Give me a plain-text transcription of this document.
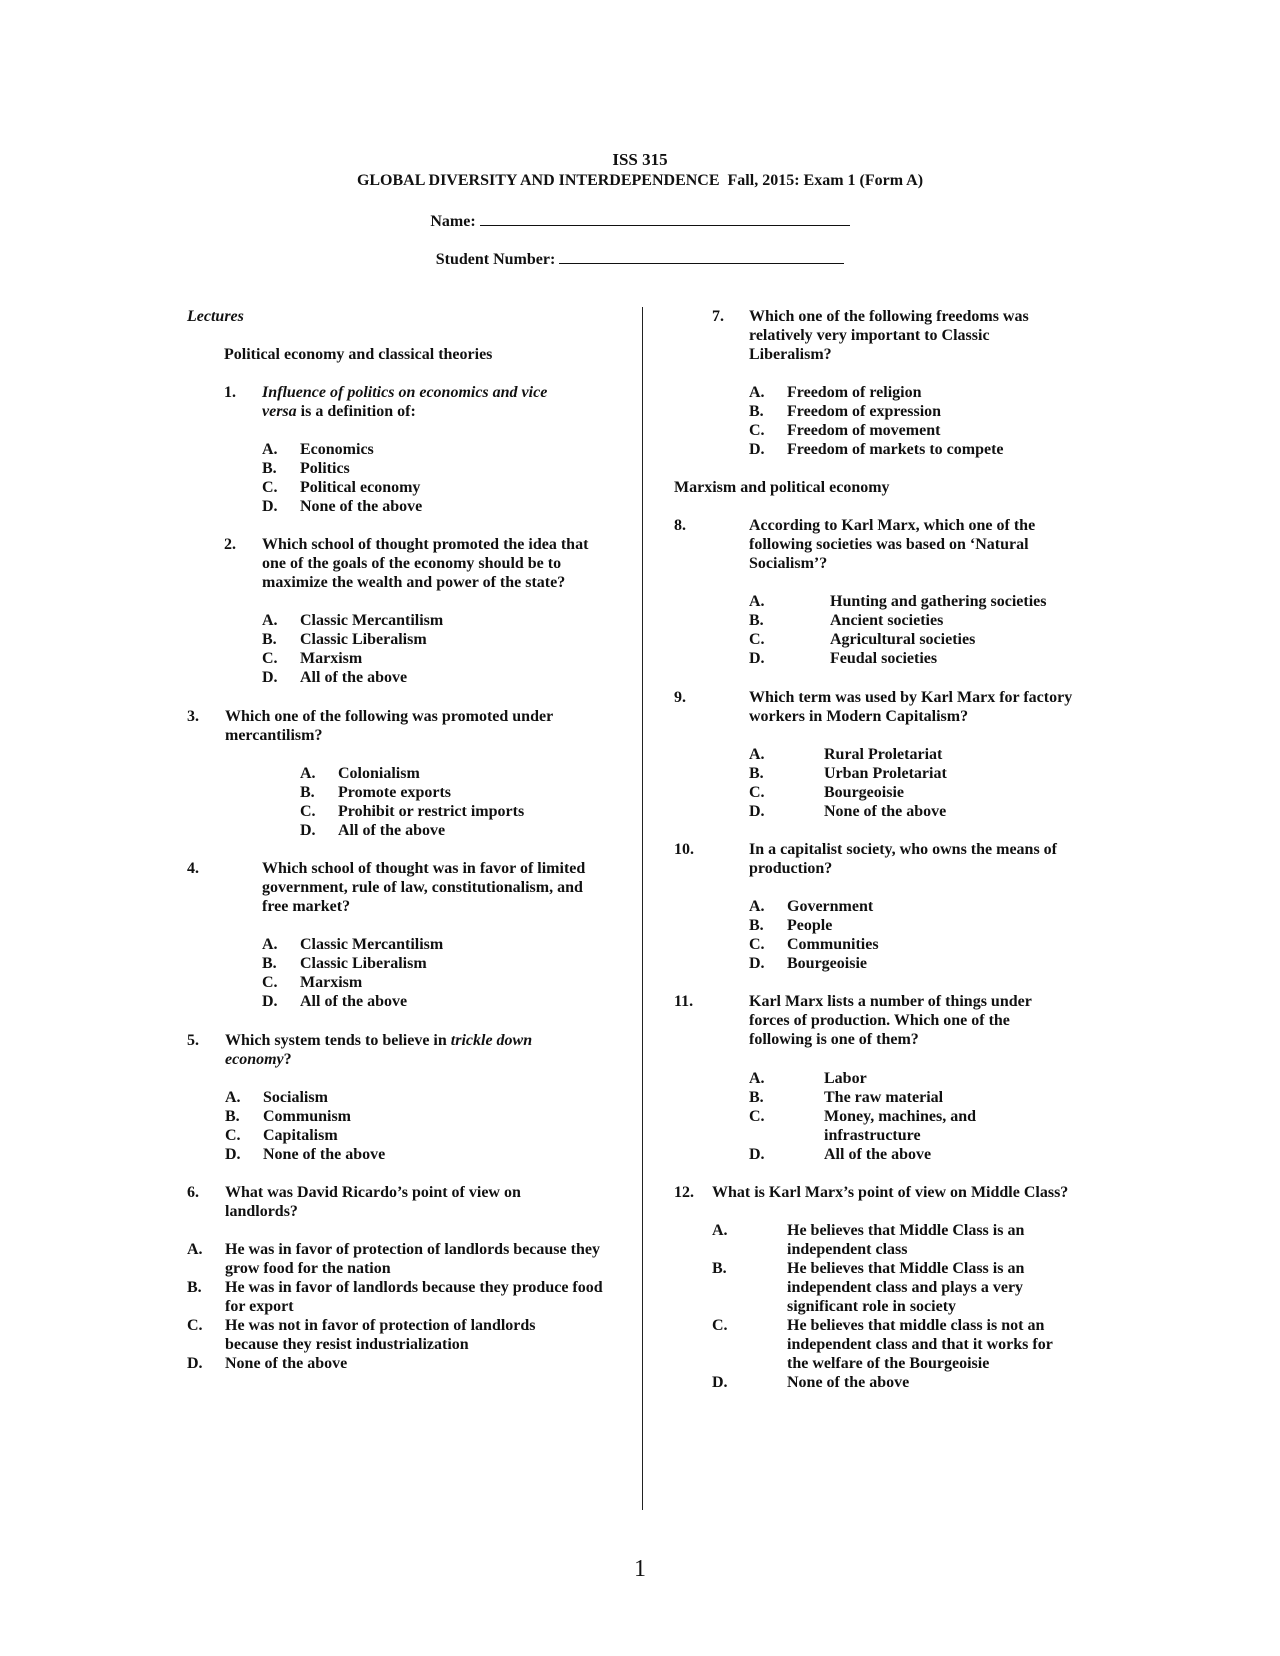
ISS 315
GLOBAL DIVERSITY AND INTERDEPENDENCE  Fall, 2015: Exam 1 (Form A)
Name:
Student Number:
Lectures
Political economy and classical theories
1. Influence of politics on economics and vice versa is a definition of:
A. Economics
B. Politics
C. Political economy
D. None of the above
2. Which school of thought promoted the idea that one of the goals of the economy should be to maximize the wealth and power of the state?
A. Classic Mercantilism
B. Classic Liberalism
C. Marxism
D. All of the above
3. Which one of the following was promoted under mercantilism?
A. Colonialism
B. Promote exports
C. Prohibit or restrict imports
D. All of the above
4.	Which school of thought was in favor of limited government, rule of law, constitutionalism, and free market?
A. Classic Mercantilism
B. Classic Liberalism
C. Marxism
D. All of the above
5. Which system tends to believe in trickle down economy?
A. Socialism
B. Communism
C. Capitalism
D. None of the above
6. What was David Ricardo’s point of view on landlords?
A. He was in favor of protection of landlords because they grow food for the nation
B. He was in favor of landlords because they produce food for export
C. He was not in favor of protection of landlords because they resist industrialization
D. None of the above
7. Which one of the following freedoms was relatively very important to Classic Liberalism?
A. Freedom of religion
B. Freedom of expression
C. Freedom of movement
D. Freedom of markets to compete
Marxism and political economy
8.	According to Karl Marx, which one of the following societies was based on ‘Natural Socialism’?
A.	Hunting and gathering societies
B.	Ancient societies
C.	Agricultural societies
D.	Feudal societies
9.	Which term was used by Karl Marx for factory workers in Modern Capitalism?
A.	Rural Proletariat
B.	Urban Proletariat
C.	Bourgeoisie
D.	None of the above
10.	In a capitalist society, who owns the means of production?
A. Government
B. People
C. Communities
D. Bourgeoisie
11.	Karl Marx lists a number of things under forces of production. Which one of the following is one of them?
A.	Labor
B.	The raw material
C.	Money, machines, and infrastructure
D.	All of the above
12. What is Karl Marx’s point of view on Middle Class?
A.	He believes that Middle Class is an independent class
B.	He believes that Middle Class is an independent class and plays a very significant role in society
C.	He believes that middle class is not an independent class and that it works for the welfare of the Bourgeoisie
D.	None of the above
1
